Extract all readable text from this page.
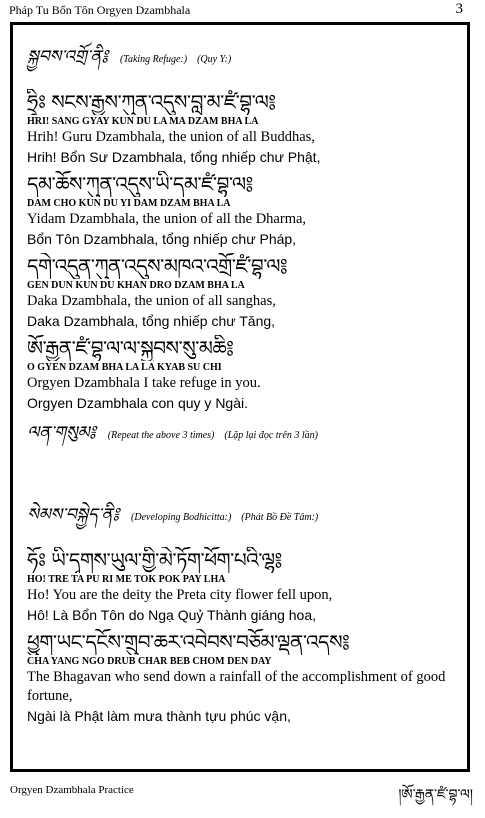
Pháp Tu Bổn Tôn Orgyen Dzambhala	3
སྐྱབས་འགྲོ་ནི༔ (Taking Refuge:) (Quy Y:)
ཧྲཱིཿ སངས་རྒྱས་ཀུན་འདུས་བླ་མ་ཛཾ་བྷ་ལ༔
HRI! SANG GYAY KUN DU LA MA DZAM BHA LA
Hrih! Guru Dzambhala, the union of all Buddhas,
Hrih! Bổn Sư Dzambhala, tổng nhiếp chư Phật,
དམ་ཆོས་ཀུན་འདུས་ཡི་དམ་ཛཾ་བྷ་ལ༔
DAM CHO KUN DU YI DAM DZAM BHA LA
Yidam Dzambhala, the union of all the Dharma,
Bổn Tôn Dzambhala, tổng nhiếp chư Pháp,
དགེ་འདུན་ཀུན་འདུས་མཁའ་འགྲོ་ཛཾ་བྷ་ལ༔
GEN DUN KUN DU KHAN DRO DZAM BHA LA
Daka Dzambhala, the union of all sanghas,
Daka Dzambhala, tổng nhiếp chư Tăng,
ཨོ་རྒྱན་ཛཾ་བྷ་ལ་ལ་སྐྱབས་སུ་མཆི༔
O GYEN DZAM BHA LA LA KYAB SU CHI
Orgyen Dzambhala I take refuge in you.
Orgyen Dzambhala con quy y Ngài.
ལན་གསུམ༔ (Repeat the above 3 times) (Lặp lại đọc trên 3 lần)
སེམས་བསྐྱེད་ནི༔ (Developing Bodhicitta:) (Phát Bồ Đề Tâm:)
ཧོཿ ཡི་དྭགས་ཡུལ་གྱི་མེ་ཏོག་ཕོག་པའི་ལྷ༔
HO! TRE TA PU RI ME TOK POK PAY LHA
Ho! You are the deity the Preta city flower fell upon,
Hô! Là Bổn Tôn do Ngạ Quỷ Thành giáng hoa,
ཕྱུག་ཡང་དངོས་གྲུབ་ཆར་འབེབས་བཅོམ་ལྡན་འདས༔
CHA YANG NGO DRUB CHAR BEB CHOM DEN DAY
The Bhagavan who send down a rainfall of the accomplishment of good fortune,
Ngài là Phật làm mưa thành tựu phúc vận,
Orgyen Dzambhala Practice	།ཨོ་རྒྱན་ཛཾ་བྷ་ལ།
